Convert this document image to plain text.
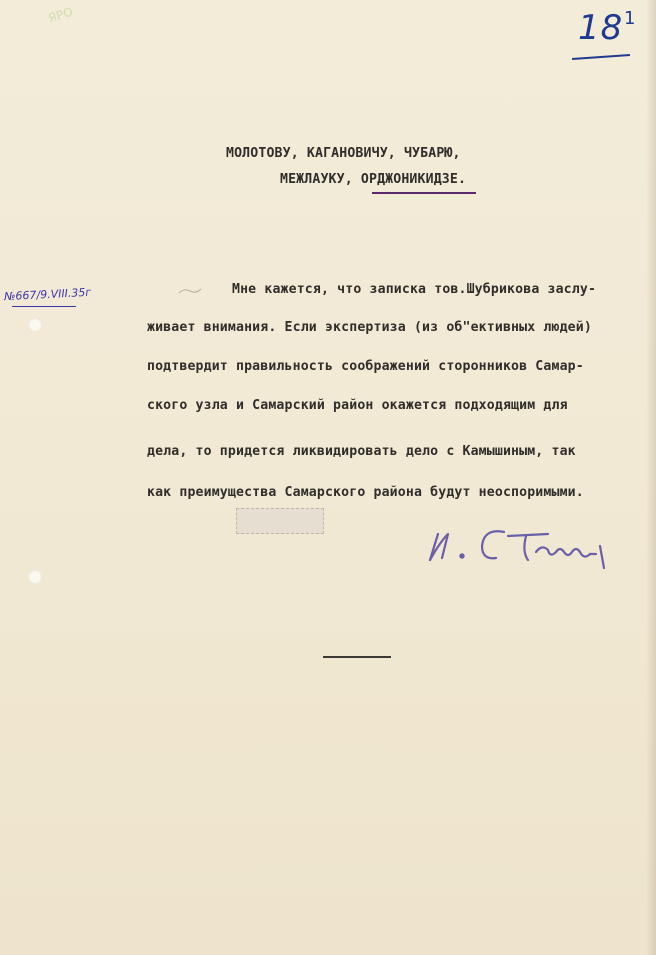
ЯРО	18 1
№667/9.VIII.35г
МОЛОТОВУ, КАГАНОВИЧУ, ЧУБАРЮ,
МЕЖЛАУКУ, ОРДЖОНИКИДЗЕ.
Мне кажется, что записка тов.Шубрикова заслу-
живает внимания. Если экспертиза (из об"ективных людей)
подтвердит правильность соображений сторонников Самар-
ского узла и Самарский район окажется подходящим для
дела, то придется ликвидировать дело с Камышиным, так
как преимущества Самарского района будут неоспоримыми.
